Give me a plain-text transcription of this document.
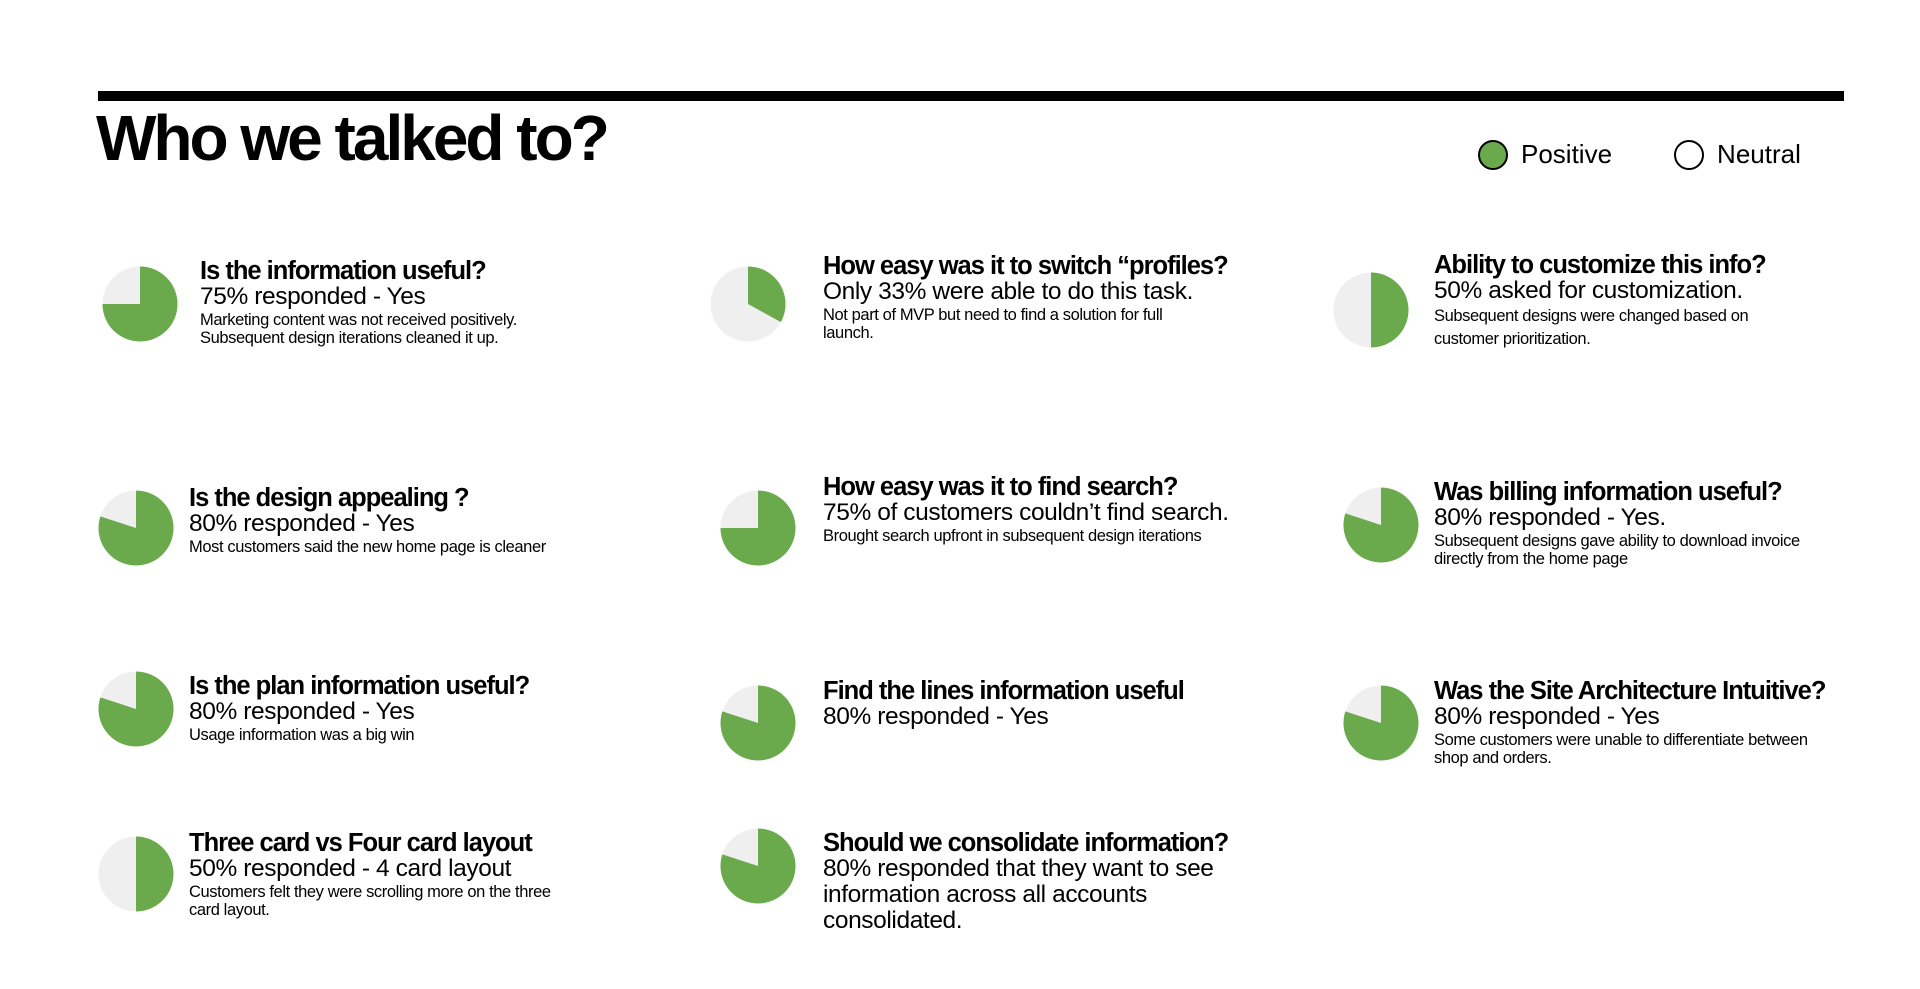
Who we talked to?	Positive	Neutral
Is the information useful?
75% responded - Yes
Marketing content was not received positively.
Subsequent design iterations cleaned it up.
How easy was it to switch “profiles?
Only 33% were able to do this task.
Not part of MVP but need to find a solution for full
launch.
Ability to customize this info?
50% asked for customization.
Subsequent designs were changed based on
customer prioritization.
Is the design appealing ?
80% responded - Yes
Most customers said the new home page is cleaner
How easy was it to find search?
75% of customers couldn’t find search.
Brought search upfront in subsequent design iterations
Was billing information useful?
80% responded - Yes.
Subsequent designs gave ability to download invoice
directly from the home page
Is the plan information useful?
80% responded - Yes
Usage information was a big win
Find the lines information useful
80% responded - Yes
Was the Site Architecture Intuitive?
80% responded - Yes
Some customers were unable to differentiate between
shop and orders.
Three card vs Four card layout
50% responded - 4 card layout
Customers felt they were scrolling more on the three
card layout.
Should we consolidate information?
80% responded that they want to see
information across all accounts
consolidated.
